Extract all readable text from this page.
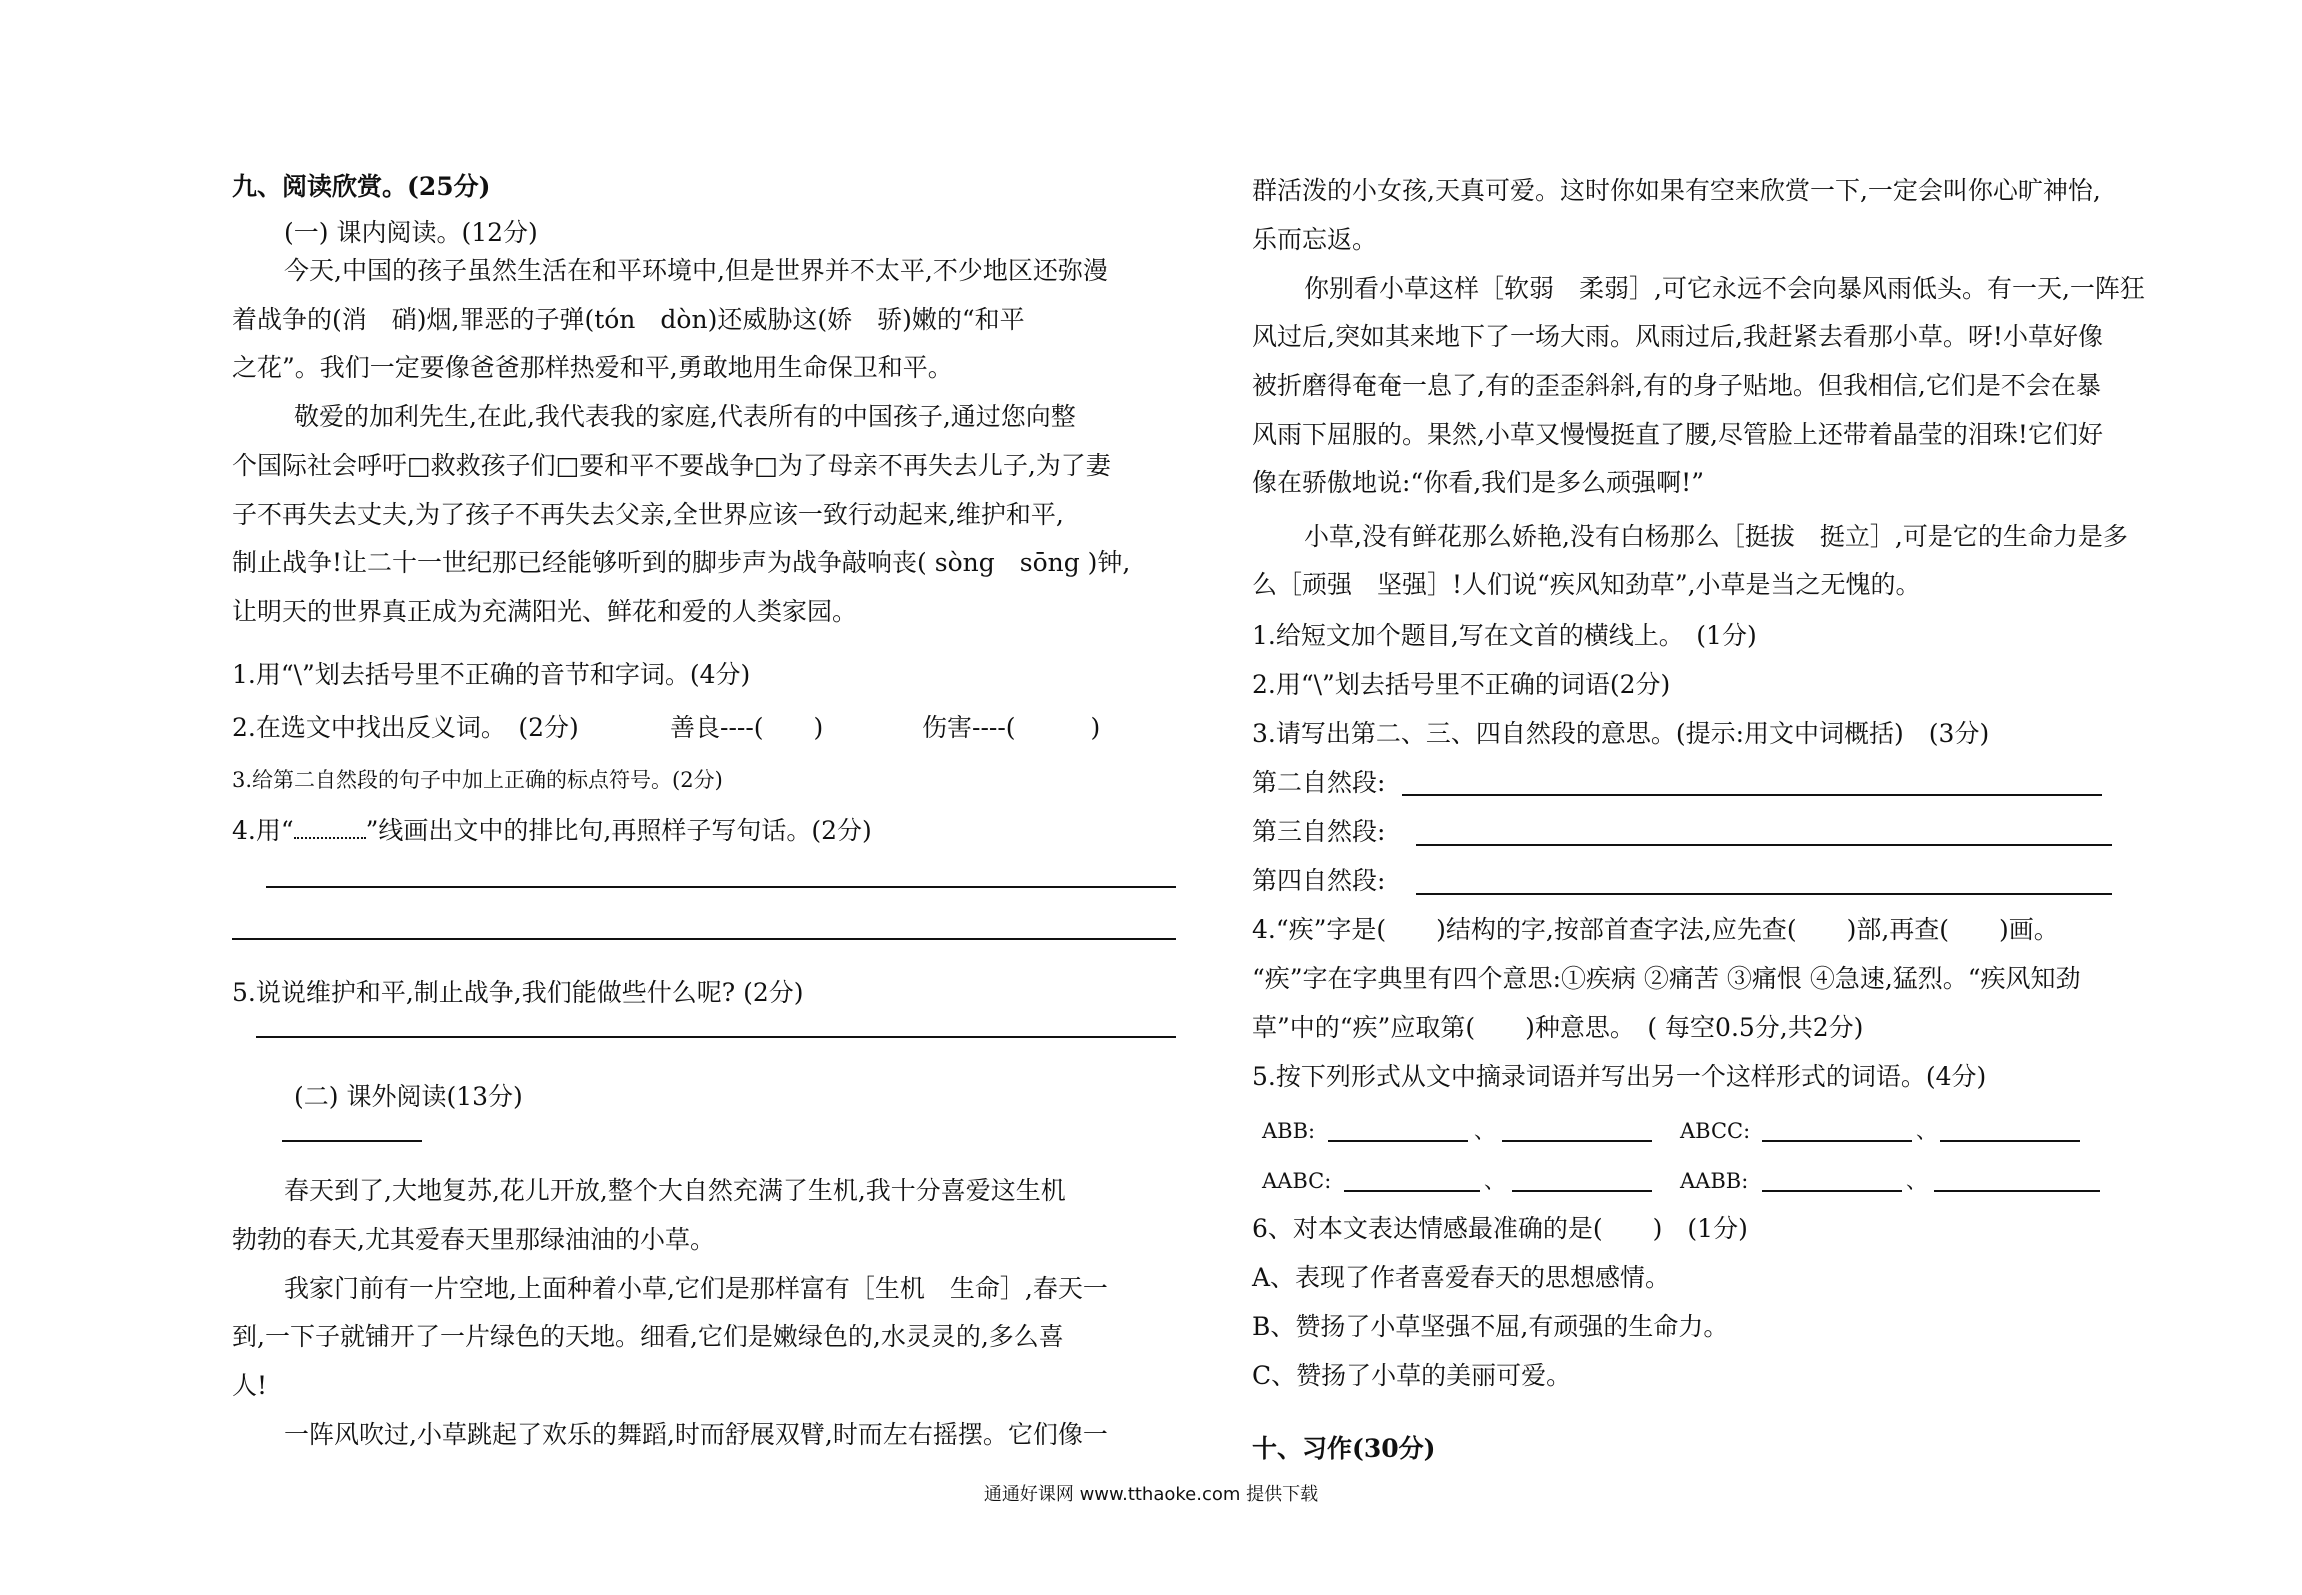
九、阅读欣赏。(25分)
(一) 课内阅读。(12分)
今天,中国的孩子虽然生活在和平环境中,但是世界并不太平,不少地区还弥漫
着战争的(消　硝)烟,罪恶的子弹(tón　dòn)还威胁这(娇　骄)嫩的“和平
之花”。我们一定要像爸爸那样热爱和平,勇敢地用生命保卫和平。
敬爱的加利先生,在此,我代表我的家庭,代表所有的中国孩子,通过您向整
个国际社会呼吁□救救孩子们□要和平不要战争□为了母亲不再失去儿子,为了妻
子不再失去丈夫,为了孩子不再失去父亲,全世界应该一致行动起来,维护和平,
制止战争!让二十一世纪那已经能够听到的脚步声为战争敲响丧( sòng　sōng )钟,
让明天的世界真正成为充满阳光、鲜花和爱的人类家园。
1.用“\”划去括号里不正确的音节和字词。(4分)
2.在选文中找出反义词。　(2分)	善良----(　　)	伤害----(　　　)
3.给第二自然段的句子中加上正确的标点符号。(2分)
4.用“	”线画出文中的排比句,再照样子写句话。(2分)
5.说说维护和平,制止战争,我们能做些什么呢? (2分)
(二) 课外阅读(13分)
春天到了,大地复苏,花儿开放,整个大自然充满了生机,我十分喜爱这生机
勃勃的春天,尤其爱春天里那绿油油的小草。
我家门前有一片空地,上面种着小草,它们是那样富有［生机　生命］,春天一
到,一下子就铺开了一片绿色的天地。细看,它们是嫩绿色的,水灵灵的,多么喜
人!
一阵风吹过,小草跳起了欢乐的舞蹈,时而舒展双臂,时而左右摇摆。它们像一
群活泼的小女孩,天真可爱。这时你如果有空来欣赏一下,一定会叫你心旷神怡,
乐而忘返。
你别看小草这样［软弱　柔弱］,可它永远不会向暴风雨低头。有一天,一阵狂
风过后,突如其来地下了一场大雨。风雨过后,我赶紧去看那小草。呀!小草好像
被折磨得奄奄一息了,有的歪歪斜斜,有的身子贴地。但我相信,它们是不会在暴
风雨下屈服的。果然,小草又慢慢挺直了腰,尽管脸上还带着晶莹的泪珠!它们好
像在骄傲地说:“你看,我们是多么顽强啊!”
小草,没有鲜花那么娇艳,没有白杨那么［挺拔　挺立］,可是它的生命力是多
么［顽强　坚强］!人们说“疾风知劲草”,小草是当之无愧的。
1.给短文加个题目,写在文首的横线上。　(1分)
2.用“\”划去括号里不正确的词语(2分)
3.请写出第二、三、四自然段的意思。(提示:用文中词概括)　(3分)
第二自然段:
第三自然段:
第四自然段:
4.“疾”字是(　　)结构的字,按部首查字法,应先查(　　)部,再查(　　)画。
“疾”字在字典里有四个意思:①疾病 ②痛苦 ③痛恨 ④急速,猛烈。“疾风知劲
草”中的“疾”应取第(　　)种意思。　( 每空0.5分,共2分)
5.按下列形式从文中摘录词语并写出另一个这样形式的词语。(4分)
ABB:	、	ABCC:	、
AABC:	、	AABB:	、
6、对本文表达情感最准确的是(　　)　(1分)
A、表现了作者喜爱春天的思想感情。
B、赞扬了小草坚强不屈,有顽强的生命力。
C、赞扬了小草的美丽可爱。
十、习作(30分)
通通好课网 www.tthaoke.com 提供下载
